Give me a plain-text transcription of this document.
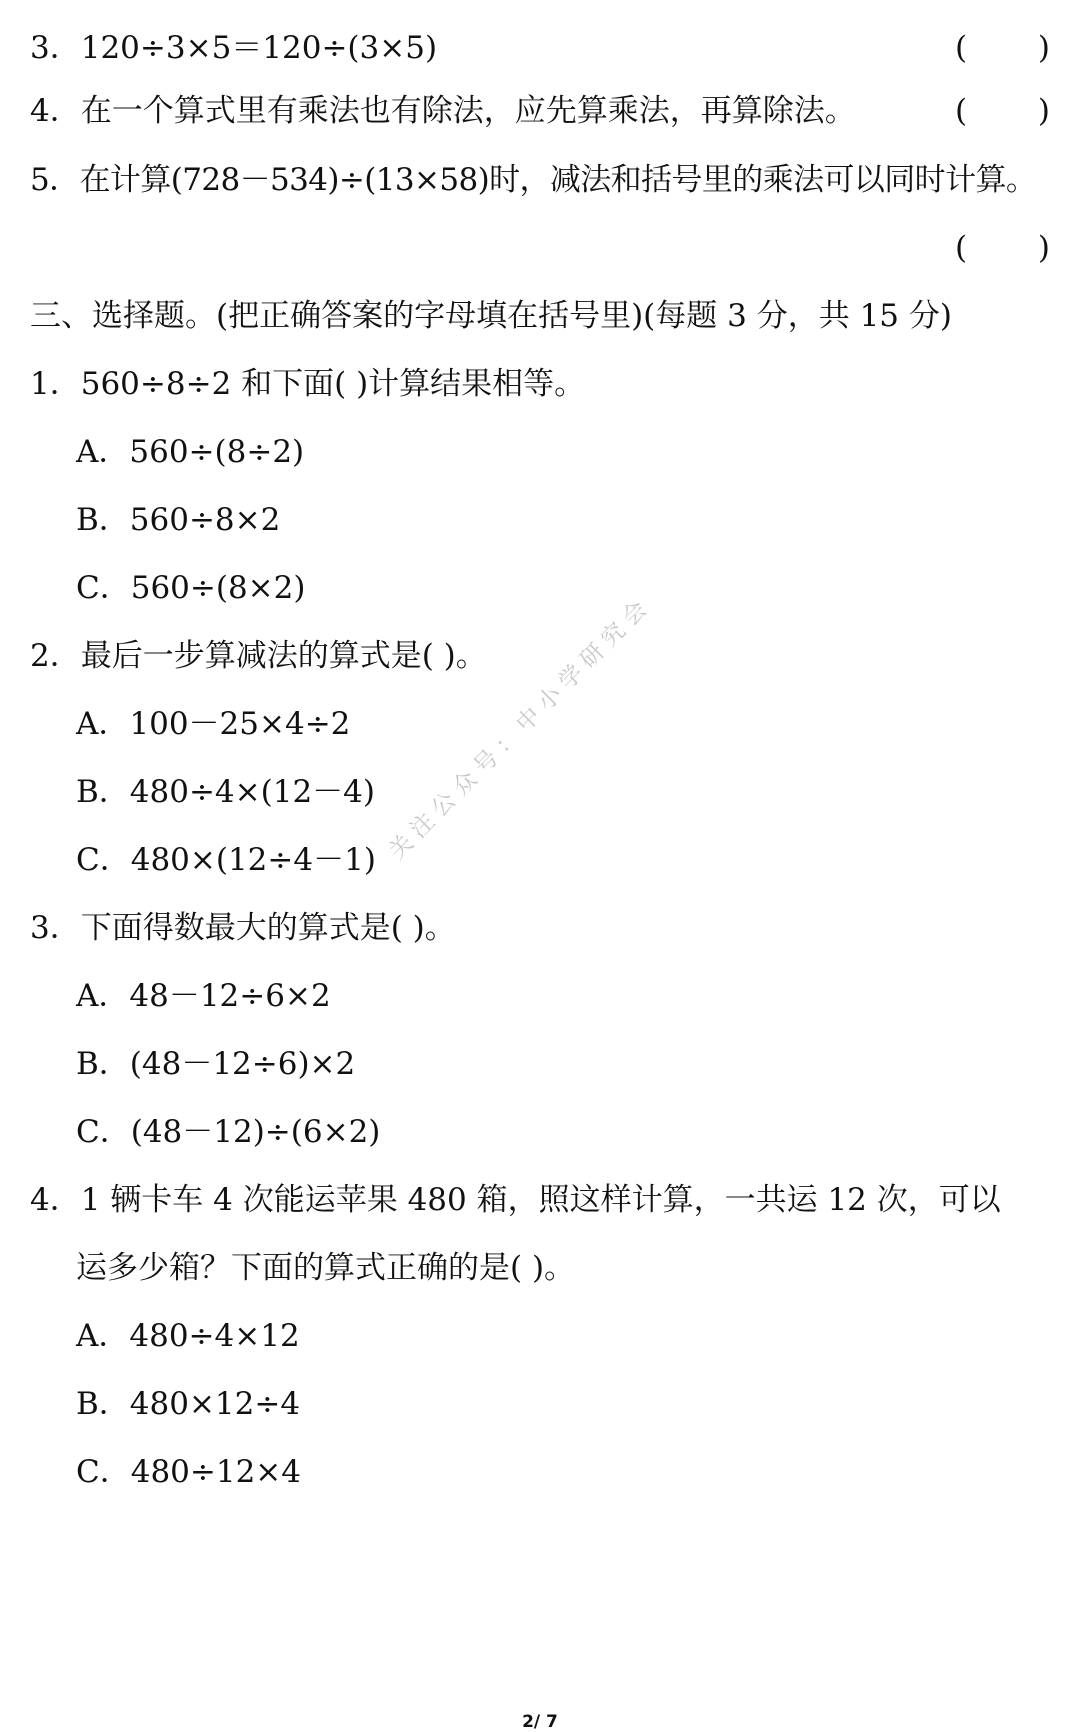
3．120÷3×5＝120÷(3×5)	( )
4．在一个算式里有乘法也有除法，应先算乘法，再算除法。	( )
5．在计算(728－534)÷(13×58)时，减法和括号里的乘法可以同时计算。
( )
三、选择题。(把正确答案的字母填在括号里)(每题 3 分，共 15 分)
1．560÷8÷2 和下面( )计算结果相等。
A．560÷(8÷2)
B．560÷8×2
C．560÷(8×2)
2．最后一步算减法的算式是( )。
A．100－25×4÷2
B．480÷4×(12－4)
C．480×(12÷4－1)
3．下面得数最大的算式是( )。
A．48－12÷6×2
B．(48－12÷6)×2
C．(48－12)÷(6×2)
4．1 辆卡车 4 次能运苹果 480 箱，照这样计算，一共运 12 次，可以
运多少箱？下面的算式正确的是( )。
A．480÷4×12
B．480×12÷4
C．480÷12×4
关注公众号：中小学研究会
2/ 7
